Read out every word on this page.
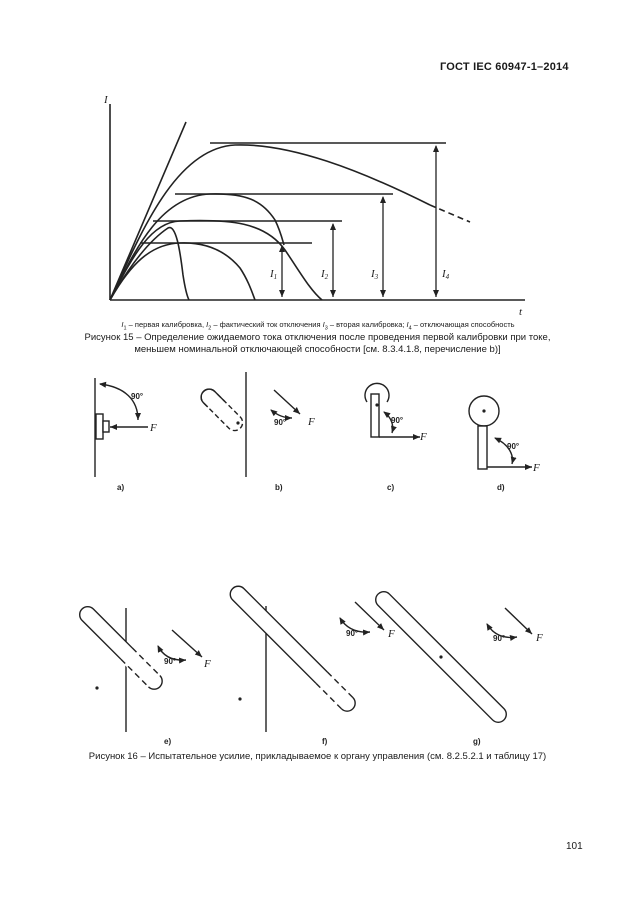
ГОСТ IEC 60947-1–2014
I
t
I1	I2	I3	I4
90°
F
a)
90° F
b)
90°
F
c)
90°
F
d)
90°	F
e)
90°	F
f)
90°	F
g)
$I_1$ – первая калибровка, $I_2$ – фактический ток отключения $I_3$ – вторая калибровка; $I_4$ – отключающая способность
Рисунок 15 – Определение ожидаемого тока отключения после проведения первой калибровки при токе,
меньшем номинальной отключающей способности [см. 8.3.4.1.8, перечисление b)]
Рисунок 16 – Испытательное усилие, прикладываемое к органу управления (см. 8.2.5.2.1 и таблицу 17)
101
